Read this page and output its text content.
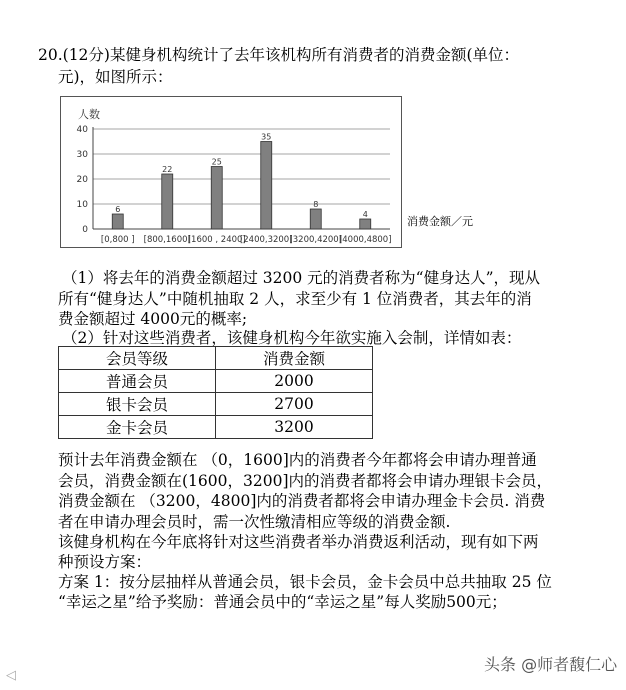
20.(12分)某健身机构统计了去年该机构所有消费者的消费金额(单位：
元)，如图所示：
人数
0
10
20
30
40
6
[0,800 ]
22
[800,1600]
25
[1600 , 2400]
35
[2400,3200]
8
[3200,4200]
4
[4000,4800]
消费金额／元
（1）将去年的消费金额超过 3200 元的消费者称为“健身达人”，现从
所有“健身达人”中随机抽取 2 人，求至少有 1 位消费者，其去年的消
费金额超过 4000元的概率;
（2）针对这些消费者，该健身机构今年欲实施入会制，详情如表：
会员等级	消费金额
普通会员	2000
银卡会员	2700
金卡会员	3200
预计去年消费金额在 （0，1600]内的消费者今年都将会申请办理普通
会员，消费金额在(1600，3200]内的消费者都将会申请办理银卡会员，
消费金额在 （3200，4800]内的消费者都将会申请办理金卡会员. 消费
者在申请办理会员时，需一次性缴清相应等级的消费金额.
该健身机构在今年底将针对这些消费者举办消费返利活动，现有如下两
种预设方案：
方案 1：按分层抽样从普通会员，银卡会员，金卡会员中总共抽取 25 位
“幸运之星”给予奖励：普通会员中的“幸运之星”每人奖励500元；
◁
头条 @师者馥仁心
